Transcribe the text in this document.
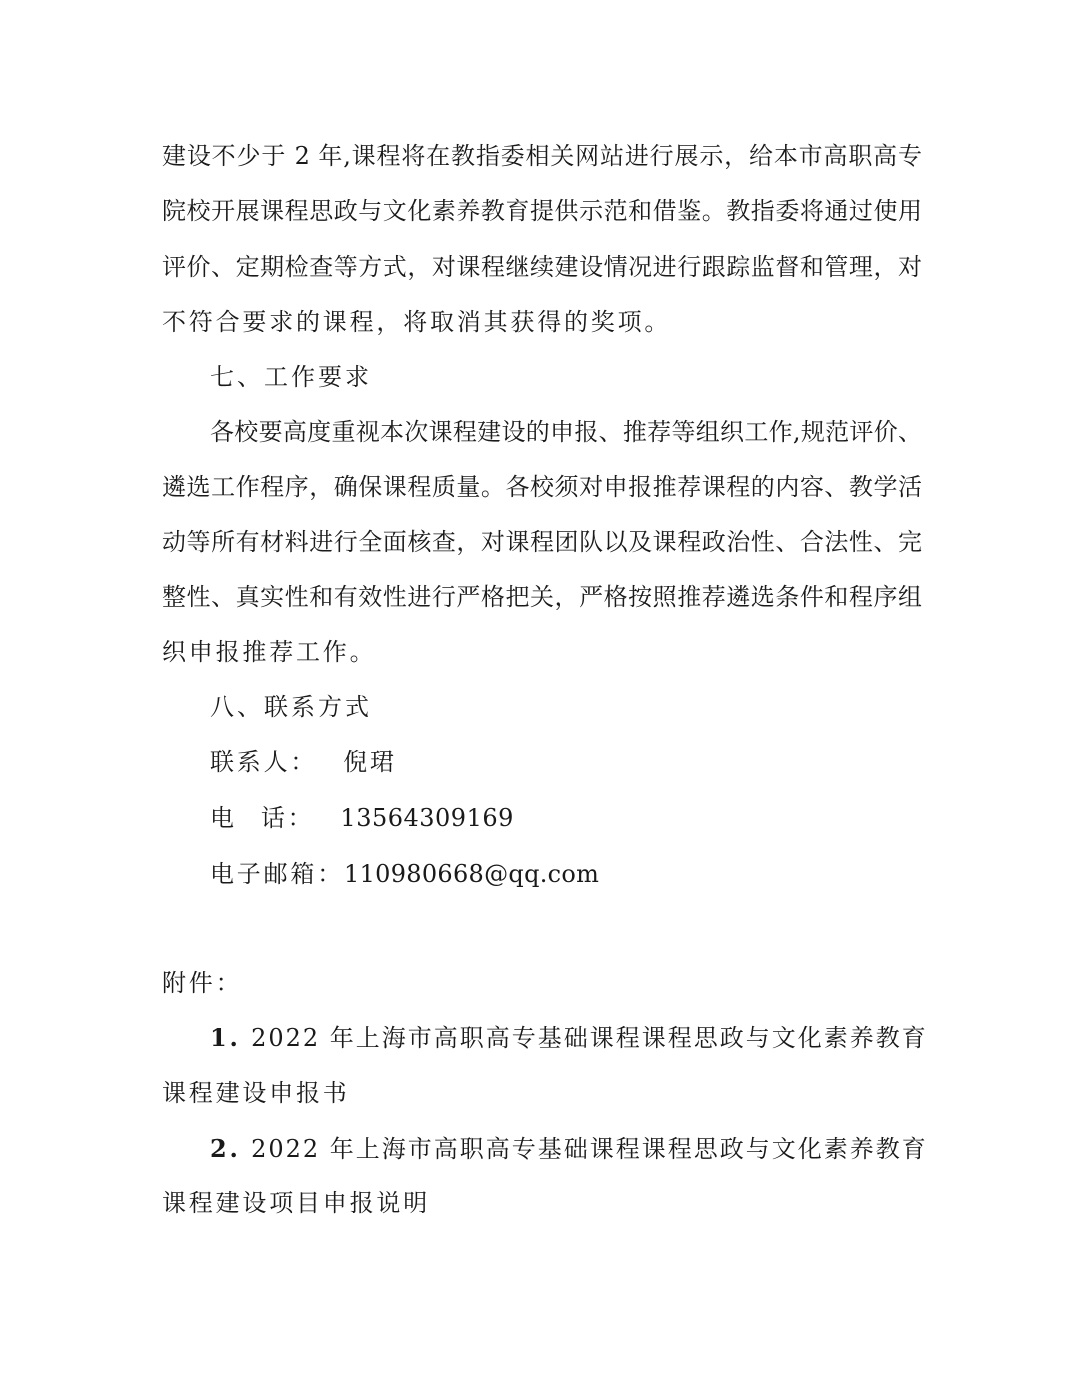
建设不少于 2 年,课程将在教指委相关网站进行展示，给本市高职高专
院校开展课程思政与文化素养教育提供示范和借鉴。教指委将通过使用
评价、定期检查等方式，对课程继续建设情况进行跟踪监督和管理，对
不符合要求的课程，将取消其获得的奖项。
七、工作要求
各校要高度重视本次课程建设的申报、推荐等组织工作,规范评价、
遴选工作程序，确保课程质量。各校须对申报推荐课程的内容、教学活
动等所有材料进行全面核查，对课程团队以及课程政治性、合法性、完
整性、真实性和有效性进行严格把关，严格按照推荐遴选条件和程序组
织申报推荐工作。
八、联系方式
联系人： 倪珺
电 话： 13564309169
电子邮箱：110980668@qq.com
附件：
1. 2022 年上海市高职高专基础课程课程思政与文化素养教育
课程建设申报书
2. 2022 年上海市高职高专基础课程课程思政与文化素养教育
课程建设项目申报说明
